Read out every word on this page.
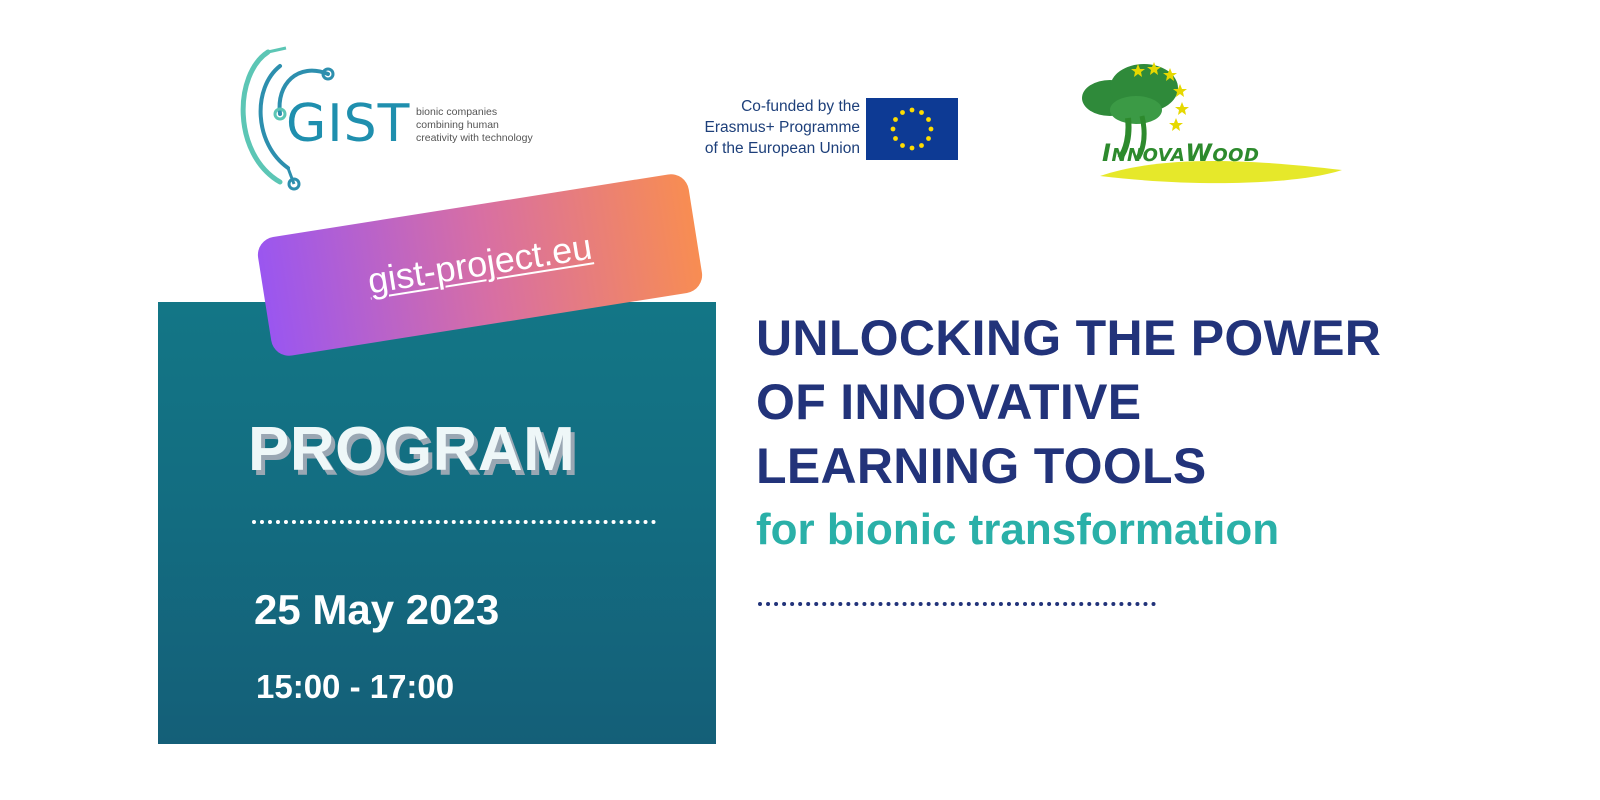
GIST bionic companies
combining human
creativity with technology
Co-funded by the
Erasmus+ Programme
of the European Union	INNOVAWOOD
PROGRAM
25 May 2023
15:00 - 17:00
gist-project.eu
UNLOCKING THE POWER
OF INNOVATIVE
LEARNING TOOLS
for bionic transformation
